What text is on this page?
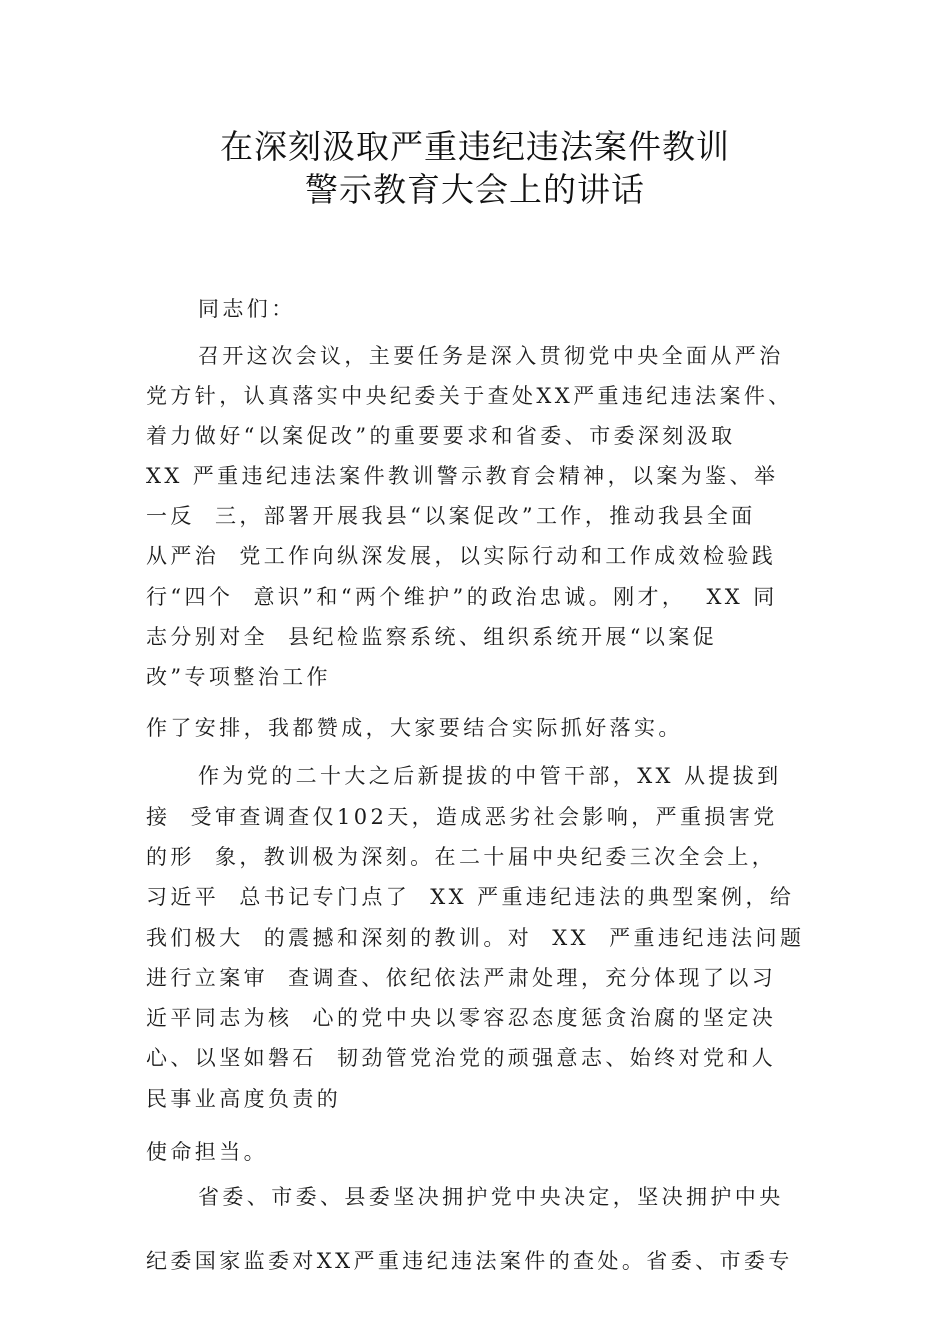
在深刻汲取严重违纪违法案件教训
警示教育大会上的讲话
同志们：
召开这次会议，主要任务是深入贯彻党中央全面从严治
党方针，认真落实中央纪委关于查处XX严重违纪违法案件、
着力做好“以案促改”的重要要求和省委、市委深刻汲取
XX 严重违纪违法案件教训警示教育会精神，以案为鉴、举
一反  三，部署开展我县“以案促改”工作，推动我县全面
从严治  党工作向纵深发展，以实际行动和工作成效检验践
行“四个  意识”和“两个维护”的政治忠诚。刚才，  XX 同
志分别对全  县纪检监察系统、组织系统开展“以案促
改”专项整治工作
作了安排，我都赞成，大家要结合实际抓好落实。
作为党的二十大之后新提拔的中管干部，XX 从提拔到
接  受审查调查仅102天，造成恶劣社会影响，严重损害党
的形  象，教训极为深刻。在二十届中央纪委三次全会上，
习近平  总书记专门点了  XX 严重违纪违法的典型案例，给
我们极大  的震撼和深刻的教训。对  XX  严重违纪违法问题
进行立案审  查调查、依纪依法严肃处理，充分体现了以习
近平同志为核  心的党中央以零容忍态度惩贪治腐的坚定决
心、以坚如磐石  韧劲管党治党的顽强意志、始终对党和人
民事业高度负责的
使命担当。
省委、市委、县委坚决拥护党中央决定，坚决拥护中央
纪委国家监委对XX严重违纪违法案件的查处。省委、市委专
